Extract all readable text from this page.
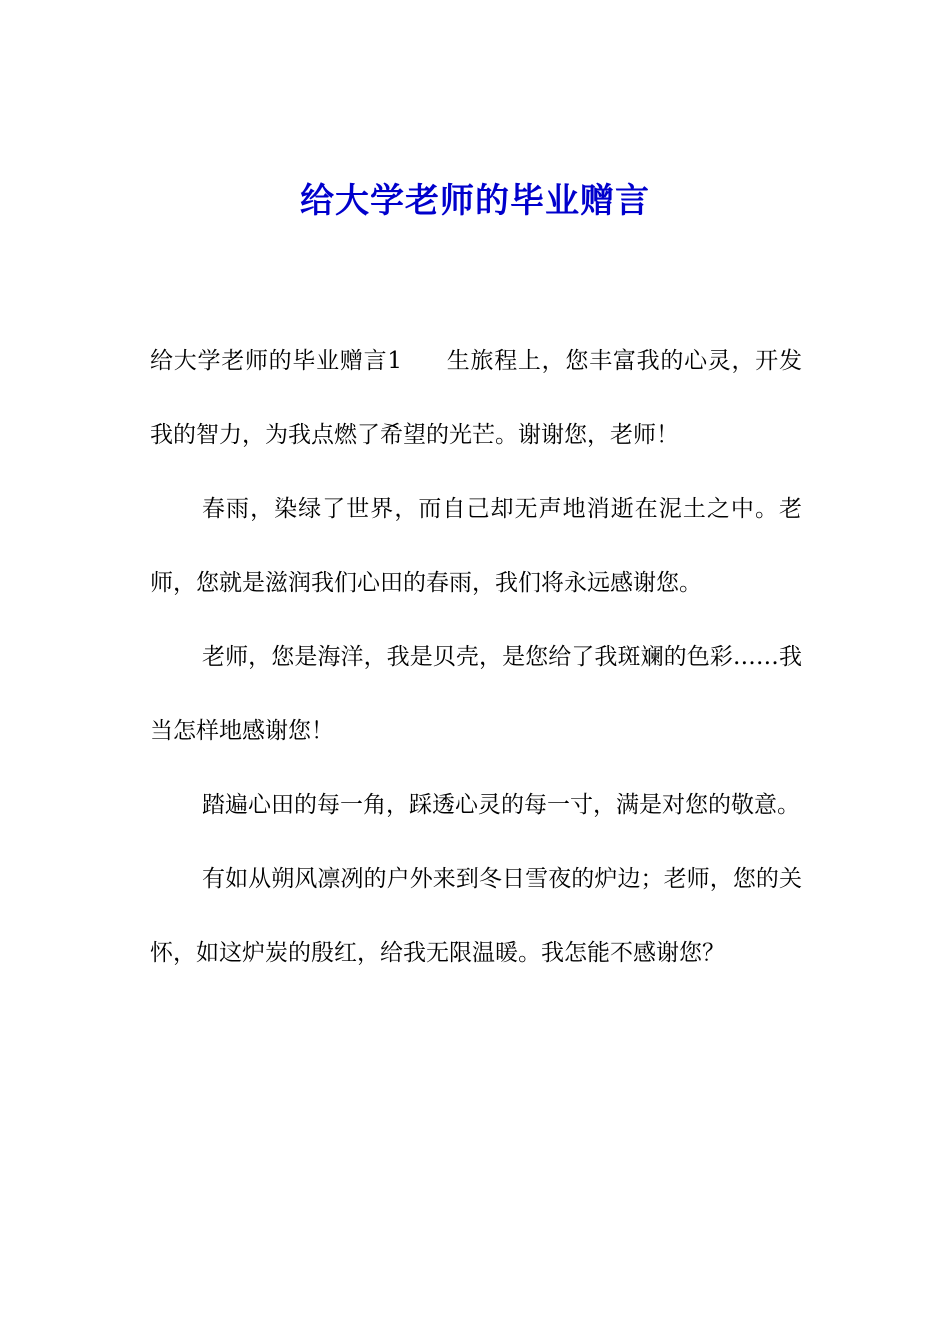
给大学老师的毕业赠言

给大学老师的毕业赠言1 生旅程上，您丰富我的心灵，开发我的智力，为我点燃了希望的光芒。谢谢您，老师！

春雨，染绿了世界，而自己却无声地消逝在泥土之中。老师，您就是滋润我们心田的春雨，我们将永远感谢您。

老师，您是海洋，我是贝壳，是您给了我斑斓的色彩……我当怎样地感谢您！

踏遍心田的每一角，踩透心灵的每一寸，满是对您的敬意。

有如从朔风凛冽的户外来到冬日雪夜的炉边；老师，您的关怀，如这炉炭的殷红，给我无限温暖。我怎能不感谢您？
